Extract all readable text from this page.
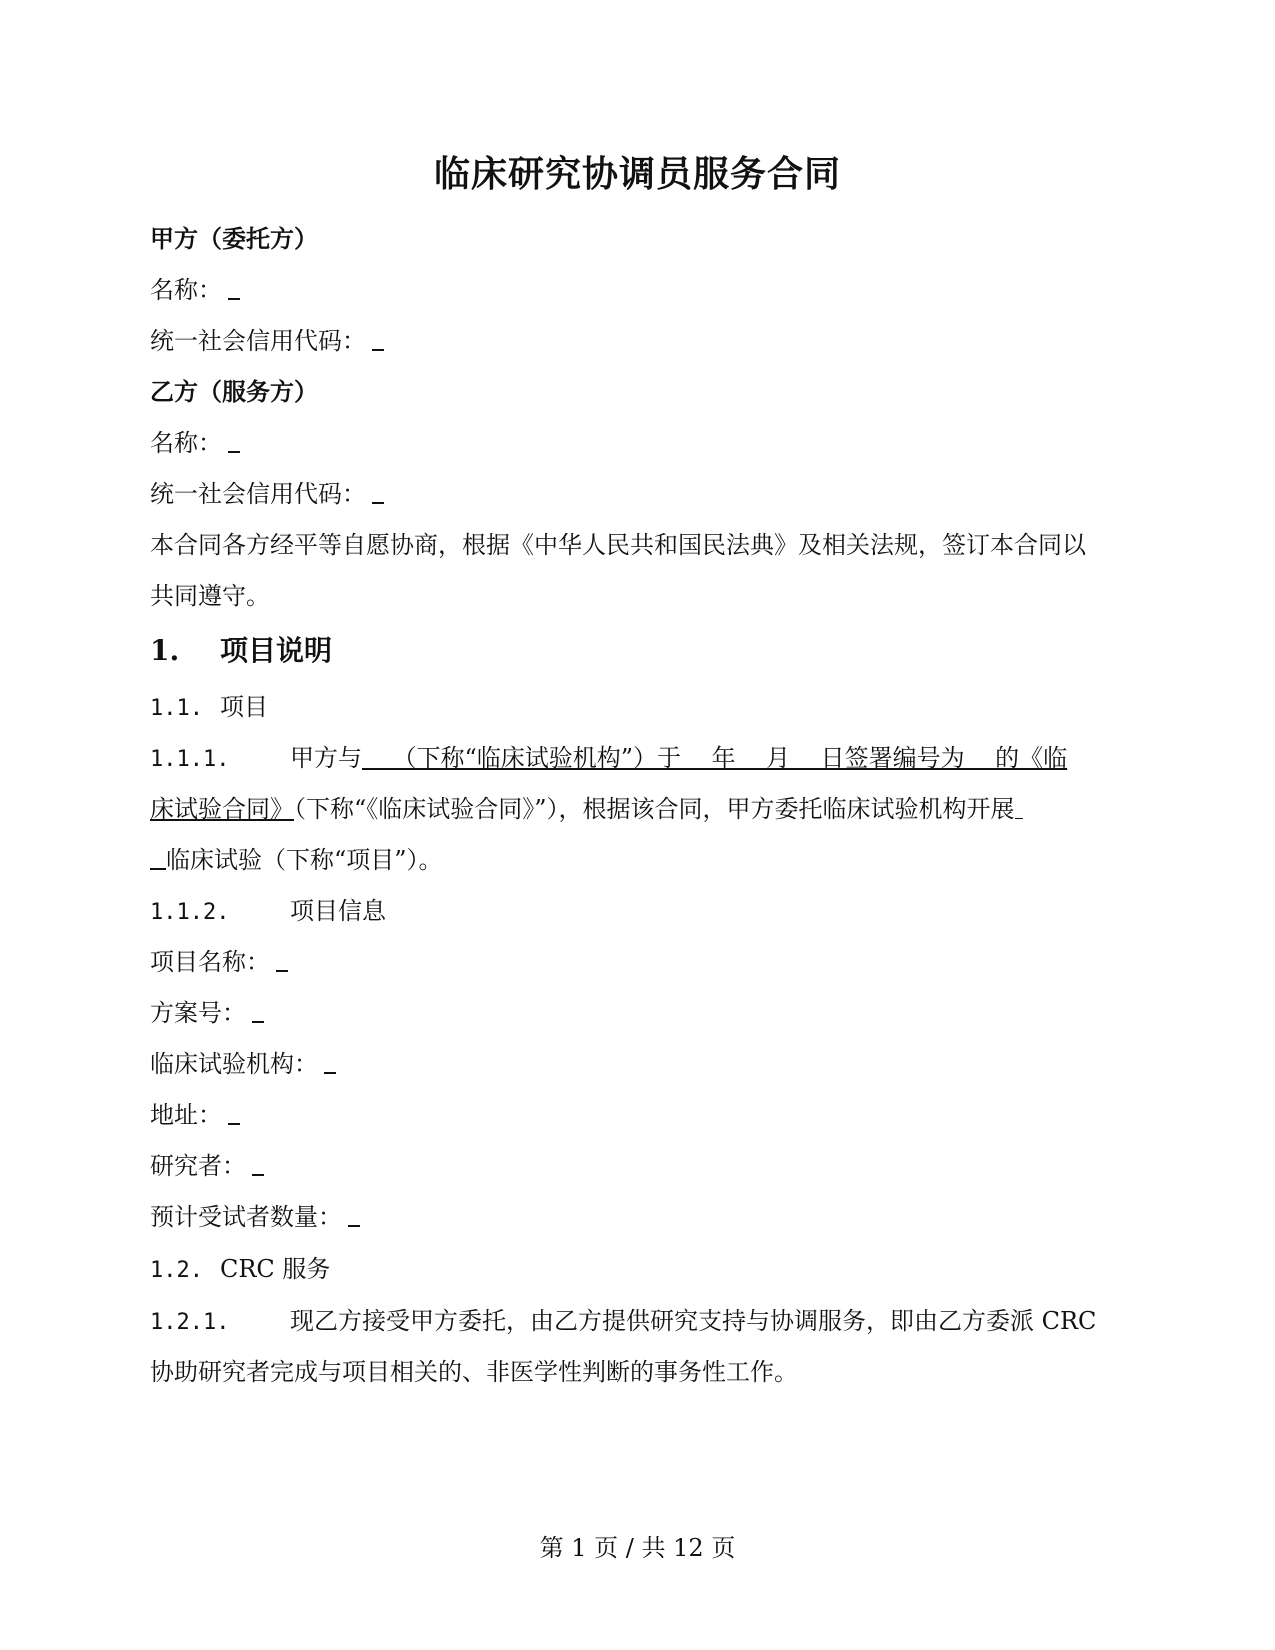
临床研究协调员服务合同
甲方（委托方）
名称：
统一社会信用代码：
乙方（服务方）
名称：
统一社会信用代码：
本合同各方经平等自愿协商，根据《中华人民共和国民法典》及相关法规，签订本合同以
共同遵守。
1. 项目说明
1.1. 项目
1.1.1.	甲方与    （下称“临床试验机构”）于    年    月    日签署编号为    的《临
床试验合同》（下称“《临床试验合同》”），根据该合同，甲方委托临床试验机构开展
临床试验（下称“项目”）。
1.1.2.	项目信息
项目名称：
方案号：
临床试验机构：
地址：
研究者：
预计受试者数量：
1.2. CRC 服务
1.2.1.	现乙方接受甲方委托，由乙方提供研究支持与协调服务，即由乙方委派 CRC
协助研究者完成与项目相关的、非医学性判断的事务性工作。
第 1 页 / 共 12 页
